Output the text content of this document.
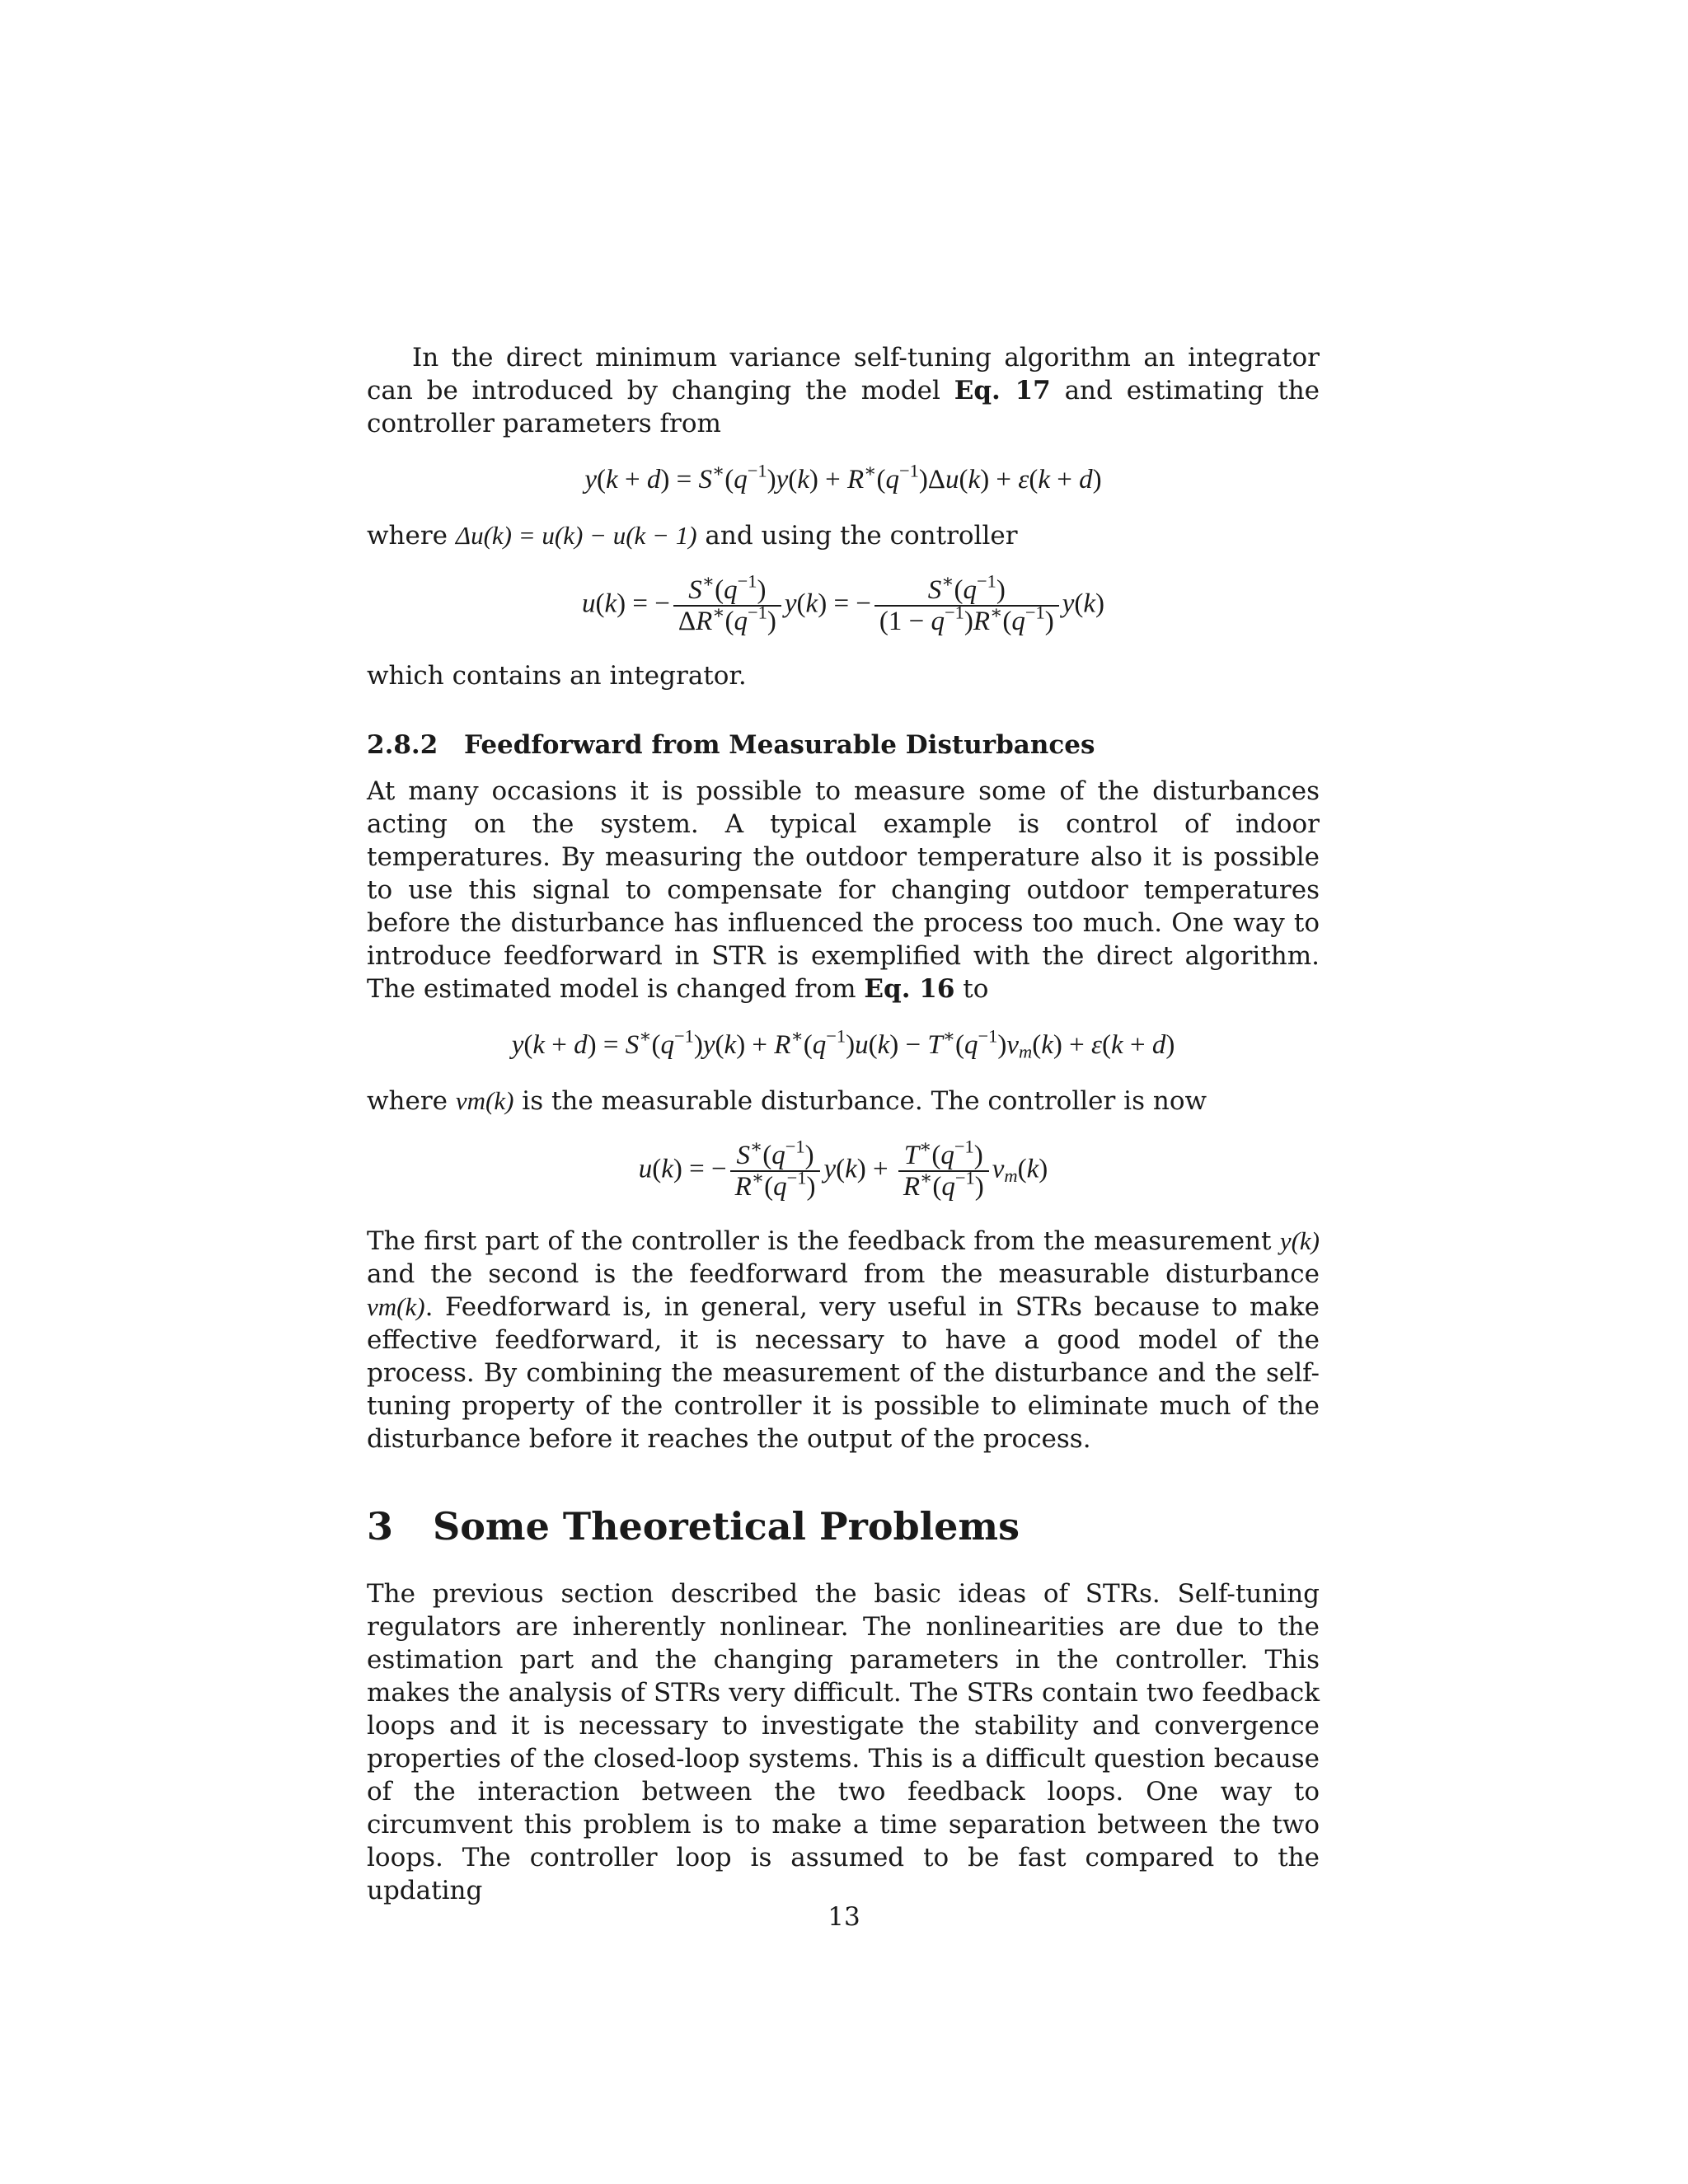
In the direct minimum variance self-tuning algorithm an integrator can be introduced by changing the model Eq. 17 and estimating the controller parameters from

$y(k + d) = S^∗(q^{-1})y(k) + R^∗(q^{-1})\Delta u(k) + \varepsilon(k + d)$

where Δu(k) = u(k) − u(k − 1) and using the controller

u(k) = − $\frac{S^∗(q^{-1})}{\Delta R^∗(q^{-1})} y(k)$ = − $\frac{S^∗(q^{-1})}{(1 - q^{-1})R^∗(q^{-1})} y(k)$

which contains an integrator.

2.8.2 Feedforward from Measurable Disturbances

At many occasions it is possible to measure some of the disturbances acting on the system. A typical example is control of indoor temperatures. By measuring the outdoor temperature also it is possible to use this signal to compensate for changing outdoor temperatures before the disturbance has influenced the process too much. One way to introduce feedforward in STR is exemplified with the direct algorithm. The estimated model is changed from Eq. 16 to

$y(k + d) = S^∗(q^{-1})y(k) + R^∗(q^{-1})u(k) - T^∗(q^{-1})v_m(k) + \varepsilon(k + d)$

where vm(k) is the measurable disturbance. The controller is now

u(k) = − $\frac{S^∗(q^{-1})}{R^∗(q^{-1})} y(k) + \frac{T^∗(q^{-1})}{R^∗(q^{-1})} v_m(k)$

The first part of the controller is the feedback from the measurement y(k) and the second is the feedforward from the measurable disturbance vm(k). Feedforward is, in general, very useful in STRs because to make effective feedforward, it is necessary to have a good model of the process. By combining the measurement of the disturbance and the self-tuning property of the controller it is possible to eliminate much of the disturbance before it reaches the output of the process.

3 Some Theoretical Problems

The previous section described the basic ideas of STRs. Self-tuning regulators are inherently nonlinear. The nonlinearities are due to the estimation part and the changing parameters in the controller. This makes the analysis of STRs very difficult. The STRs contain two feedback loops and it is necessary to investigate the stability and convergence properties of the closed-loop systems. This is a difficult question because of the interaction between the two feedback loops. One way to circumvent this problem is to make a time separation between the two loops. The controller loop is assumed to be fast compared to the updating

13
